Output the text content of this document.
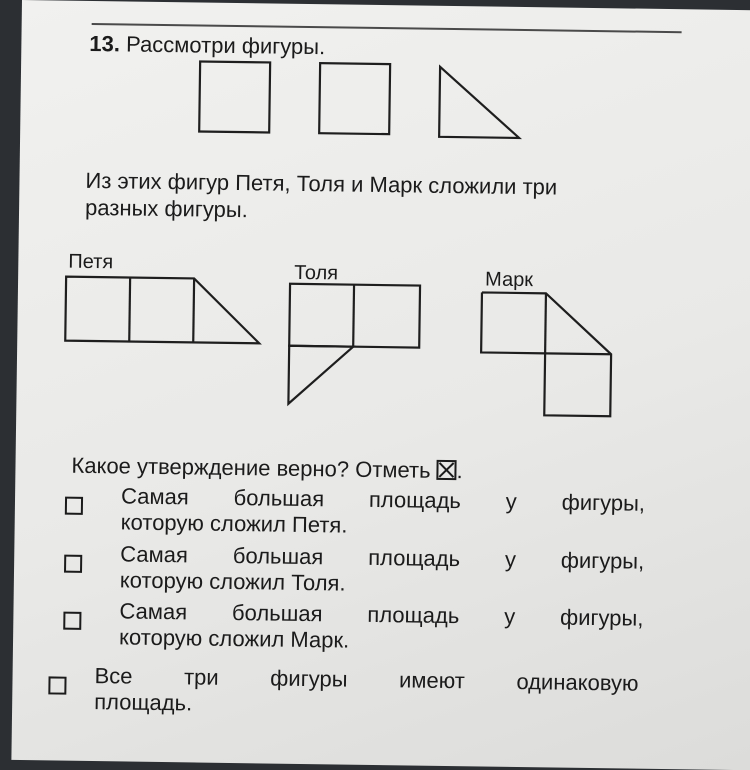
13. Рассмотри фигуры.
Из этих фигур Петя, Толя и Марк сложили три
разных фигуры.
Петя	Толя	Марк
Какое утверждение верно? Отметь .
Самая большая площадь у фигуры,
которую сложил Петя.
Самая большая площадь у фигуры,
которую сложил Толя.
Самая большая площадь у фигуры,
которую сложил Марк.
Все три фигуры имеют одинаковую
площадь.
